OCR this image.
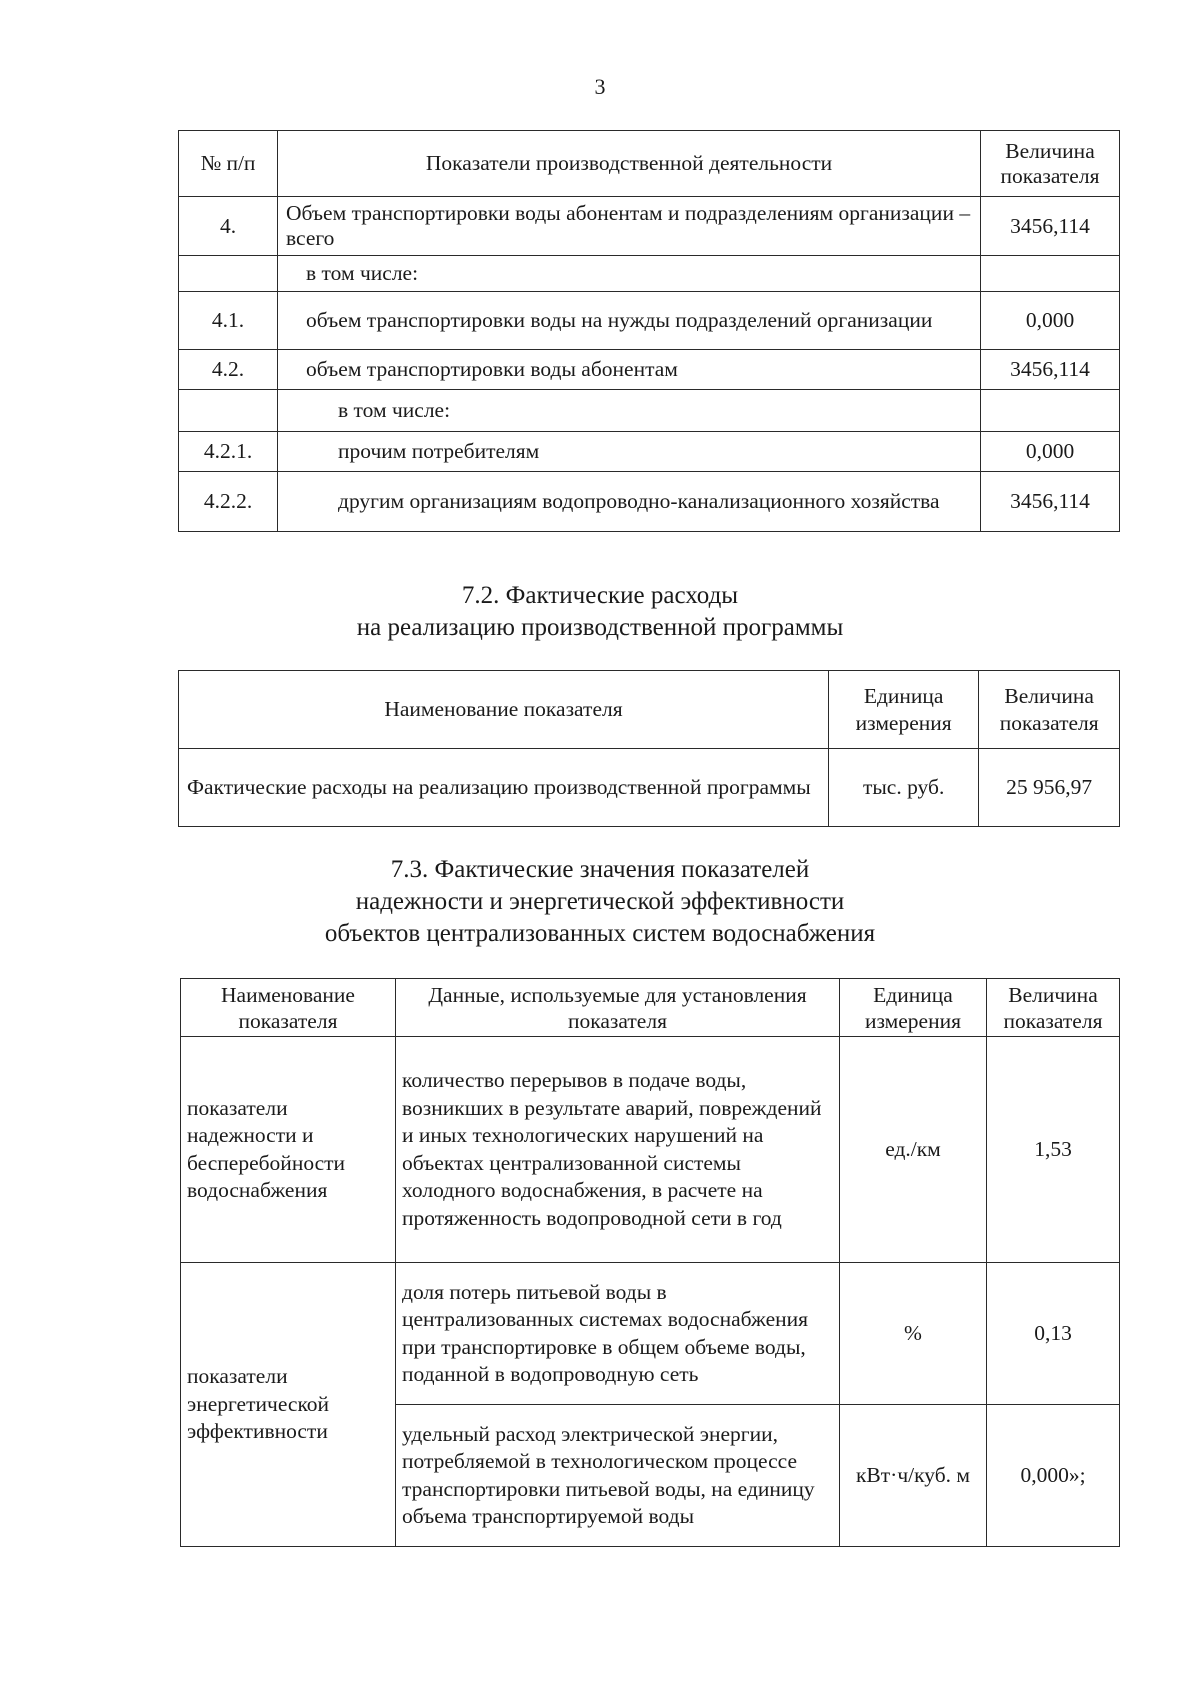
3
№ п/п	Показатели производственной деятельности	Величина показателя
4.	Объем транспортировки воды абонентам и подразделениям организации – всего	3456,114
	в том числе:	
4.1.	объем транспортировки воды на нужды подразделений организации	0,000
4.2.	объем транспортировки воды абонентам	3456,114
	в том числе:	
4.2.1.	прочим потребителям	0,000
4.2.2.	другим организациям водопроводно-канализационного хозяйства	3456,114
7.2. Фактические расходы
на реализацию производственной программы
Наименование показателя	Единица измерения	Величина показателя
Фактические расходы на реализацию производственной программы	тыс. руб.	25 956,97
7.3. Фактические значения показателей
надежности и энергетической эффективности
объектов централизованных систем водоснабжения
Наименование показателя	Данные, используемые для установления показателя	Единица измерения	Величина показателя
показатели надежности и бесперебойности водоснабжения	количество перерывов в подаче воды, возникших в результате аварий, повреждений и иных технологических нарушений на объектах централизованной системы холодного водоснабжения, в расчете на протяженность водопроводной сети в год	ед./км	1,53
показатели энергетической эффективности	доля потерь питьевой воды в централизованных системах водоснабжения при транспортировке в общем объеме воды, поданной в водопроводную сеть	%	0,13
	удельный расход электрической энергии, потребляемой в технологическом процессе транспортировки питьевой воды, на единицу объема транспортируемой воды	кВт·ч/куб. м	0,000»;
